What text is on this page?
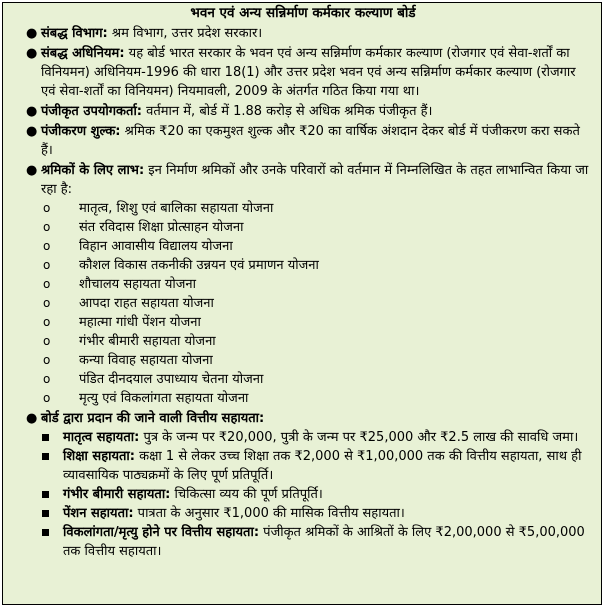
भवन एवं अन्य सन्निर्माण कर्मकार कल्याण बोर्ड
● संबद्ध विभाग: श्रम विभाग, उत्तर प्रदेश सरकार।
● संबद्ध अधिनियम: यह बोर्ड भारत सरकार के भवन एवं अन्य सन्निर्माण कर्मकार कल्याण (रोजगार एवं सेवा-शर्तों का विनियमन) अधिनियम-1996 की धारा 18(1) और उत्तर प्रदेश भवन एवं अन्य सन्निर्माण कर्मकार कल्याण (रोजगार एवं सेवा-शर्तों का विनियमन) नियमावली, 2009 के अंतर्गत गठित किया गया था।
● पंजीकृत उपयोगकर्ता: वर्तमान में, बोर्ड में 1.88 करोड़ से अधिक श्रमिक पंजीकृत हैं।
● पंजीकरण शुल्क: श्रमिक ₹20 का एकमुश्त शुल्क और ₹20 का वार्षिक अंशदान देकर बोर्ड में पंजीकरण करा सकते हैं।
● श्रमिकों के लिए लाभ: इन निर्माण श्रमिकों और उनके परिवारों को वर्तमान में निम्नलिखित के तहत लाभान्वित किया जा रहा है:
o मातृत्व, शिशु एवं बालिका सहायता योजना
o संत रविदास शिक्षा प्रोत्साहन योजना
o विहान आवासीय विद्यालय योजना
o कौशल विकास तकनीकी उन्नयन एवं प्रमाणन योजना
o शौचालय सहायता योजना
o आपदा राहत सहायता योजना
o महात्मा गांधी पेंशन योजना
o गंभीर बीमारी सहायता योजना
o कन्या विवाह सहायता योजना
o पंडित दीनदयाल उपाध्याय चेतना योजना
o मृत्यु एवं विकलांगता सहायता योजना
● बोर्ड द्वारा प्रदान की जाने वाली वित्तीय सहायता:
मातृत्व सहायता: पुत्र के जन्म पर ₹20,000, पुत्री के जन्म पर ₹25,000 और ₹2.5 लाख की सावधि जमा।
शिक्षा सहायता: कक्षा 1 से लेकर उच्च शिक्षा तक ₹2,000 से ₹1,00,000 तक की वित्तीय सहायता, साथ ही व्यावसायिक पाठ्यक्रमों के लिए पूर्ण प्रतिपूर्ति।
गंभीर बीमारी सहायता: चिकित्सा व्यय की पूर्ण प्रतिपूर्ति।
पेंशन सहायता: पात्रता के अनुसार ₹1,000 की मासिक वित्तीय सहायता।
विकलांगता/मृत्यु होने पर वित्तीय सहायता: पंजीकृत श्रमिकों के आश्रितों के लिए ₹2,00,000 से ₹5,00,000 तक वित्तीय सहायता।
